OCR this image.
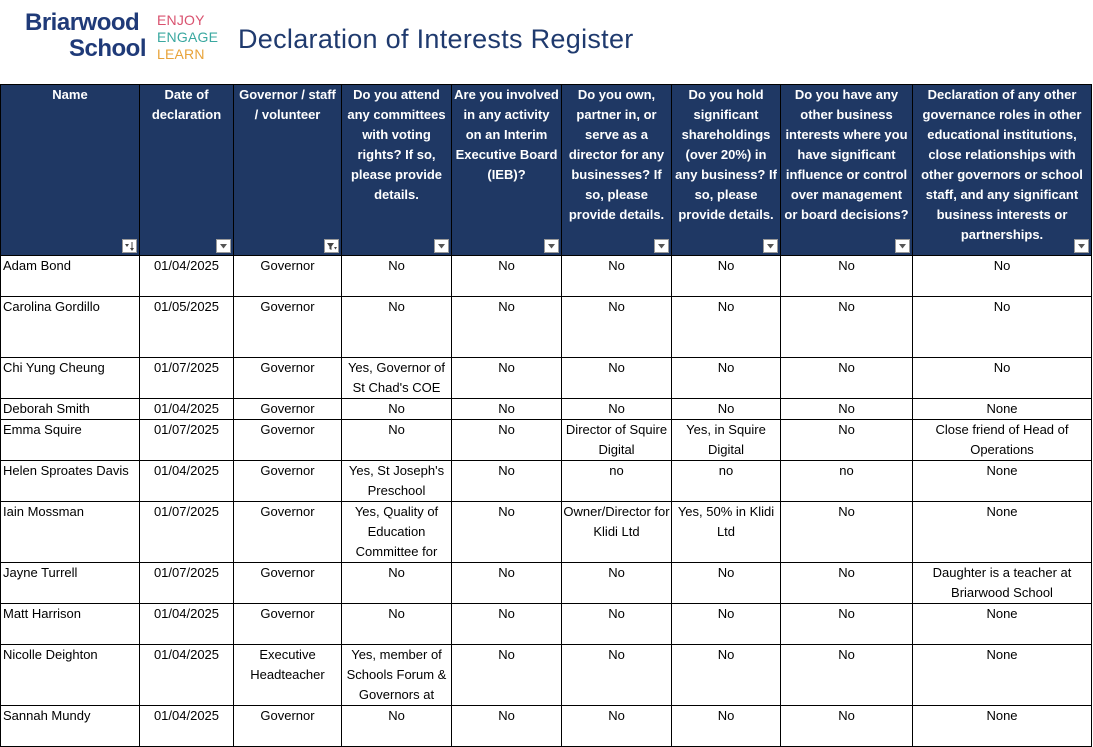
Briarwood
School
ENJOY
ENGAGE
LEARN Declaration of Interests Register
Name	Date of declaration	Governor / staff / volunteer	Do you attend any committees with voting rights? If so, please provide details.	Are you involved in any activity on an Interim Executive Board (IEB)?	Do you own, partner in, or serve as a director for any businesses? If so, please provide details.	Do you hold significant shareholdings (over 20%) in any business? If so, please provide details.	Do you have any other business interests where you have significant influence or control over management or board decisions?	Declaration of any other governance roles in other educational institutions, close relationships with other governors or school staff, and any significant business interests or partnerships.

Adam Bond	01/04/2025	Governor	No	No	No	No	No	No
Carolina Gordillo	01/05/2025	Governor	No	No	No	No	No	No
Chi Yung Cheung	01/07/2025	Governor	Yes, Governor of St Chad's COE	No	No	No	No	No
Deborah Smith	01/04/2025	Governor	No	No	No	No	No	None
Emma Squire	01/07/2025	Governor	No	No	Director of Squire Digital	Yes, in Squire Digital	No	Close friend of Head of Operations
Helen Sproates Davis	01/04/2025	Governor	Yes, St Joseph's Preschool	No	no	no	no	None
Iain Mossman	01/07/2025	Governor	Yes, Quality of Education Committee for	No	Owner/Director for Klidi Ltd	Yes, 50% in Klidi Ltd	No	None
Jayne Turrell	01/07/2025	Governor	No	No	No	No	No	Daughter is a teacher at Briarwood School
Matt Harrison	01/04/2025	Governor	No	No	No	No	No	None
Nicolle Deighton	01/04/2025	Executive Headteacher	Yes, member of Schools Forum & Governors at	No	No	No	No	None
Sannah Mundy	01/04/2025	Governor	No	No	No	No	No	None
